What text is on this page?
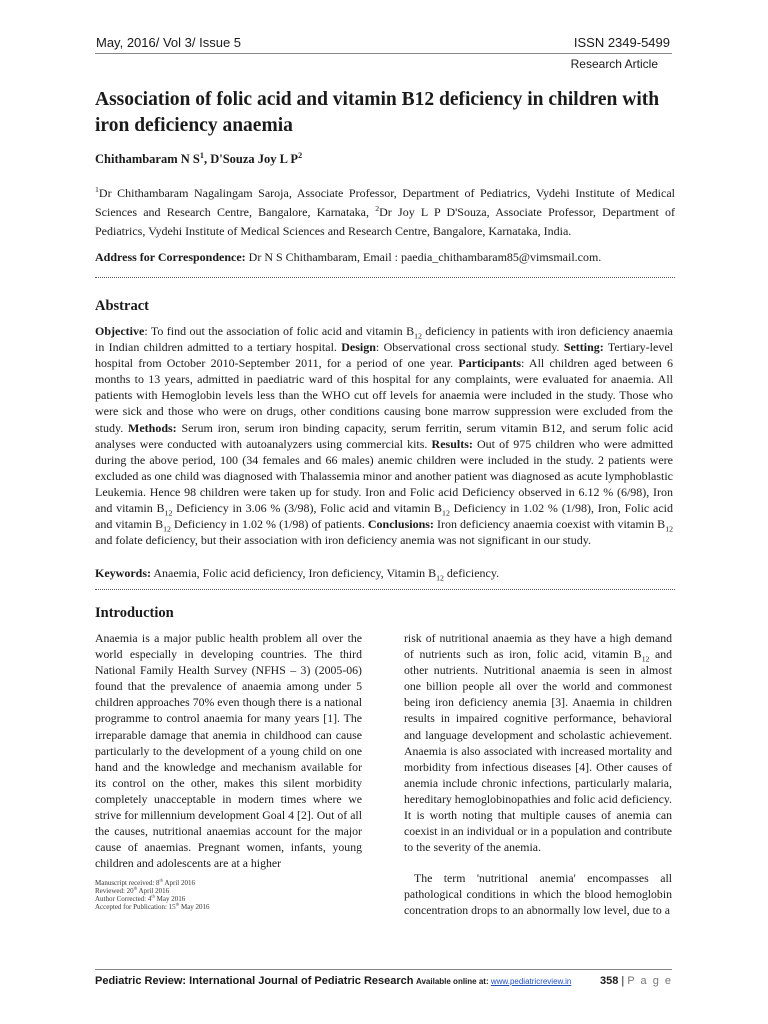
May, 2016/ Vol 3/ Issue 5	ISSN 2349-5499
Research Article
Association of folic acid and vitamin B12 deficiency in children with iron deficiency anaemia
Chithambaram N $S^1$, D'Souza Joy L $P^2$
$^1$Dr Chithambaram Nagalingam Saroja, Associate Professor, Department of Pediatrics, Vydehi Institute of Medical Sciences and Research Centre, Bangalore, Karnataka, $^2$Dr Joy L P D'Souza, Associate Professor, Department of Pediatrics, Vydehi Institute of Medical Sciences and Research Centre, Bangalore, Karnataka, India.
Address for Correspondence: Dr N S Chithambaram, Email : paedia_chithambaram85@vimsmail.com.
Abstract
Objective: To find out the association of folic acid and vitamin $B_{12}$ deficiency in patients with iron deficiency anaemia in Indian children admitted to a tertiary hospital. Design: Observational cross sectional study. Setting: Tertiary-level hospital from October 2010-September 2011, for a period of one year. Participants: All children aged between 6 months to 13 years, admitted in paediatric ward of this hospital for any complaints, were evaluated for anaemia. All patients with Hemoglobin levels less than the WHO cut off levels for anaemia were included in the study. Those who were sick and those who were on drugs, other conditions causing bone marrow suppression were excluded from the study. Methods: Serum iron, serum iron binding capacity, serum ferritin, serum vitamin B12, and serum folic acid analyses were conducted with autoanalyzers using commercial kits. Results: Out of 975 children who were admitted during the above period, 100 (34 females and 66 males) anemic children were included in the study. 2 patients were excluded as one child was diagnosed with Thalassemia minor and another patient was diagnosed as acute lymphoblastic Leukemia. Hence 98 children were taken up for study. Iron and Folic acid Deficiency observed in 6.12 % (6/98), Iron and vitamin $B_{12}$ Deficiency in 3.06 % (3/98), Folic acid and vitamin $B_{12}$ Deficiency in 1.02 % (1/98), Iron, Folic acid and vitamin $B_{12}$ Deficiency in 1.02 % (1/98) of patients. Conclusions: Iron deficiency anaemia coexist with vitamin $B_{12}$ and folate deficiency, but their association with iron deficiency anemia was not significant in our study.
Keywords: Anaemia, Folic acid deficiency, Iron deficiency, Vitamin $B_{12}$ deficiency.
Introduction
Anaemia is a major public health problem all over the world especially in developing countries. The third National Family Health Survey (NFHS – 3) (2005-06) found that the prevalence of anaemia among under 5 children approaches 70% even though there is a national programme to control anaemia for many years [1]. The irreparable damage that anemia in childhood can cause particularly to the development of a young child on one hand and the knowledge and mechanism available for its control on the other, makes this silent morbidity completely unacceptable in modern times where we strive for millennium development Goal 4 [2]. Out of all the causes, nutritional anaemias account for the major cause of anaemias. Pregnant women, infants, young children and adolescents are at a higher
risk of nutritional anaemia as they have a high demand of nutrients such as iron, folic acid, vitamin $B_{12}$ and other nutrients. Nutritional anaemia is seen in almost one billion people all over the world and commonest being iron deficiency anemia [3]. Anaemia in children results in impaired cognitive performance, behavioral and language development and scholastic achievement. Anaemia is also associated with increased mortality and morbidity from infectious diseases [4]. Other causes of anemia include chronic infections, particularly malaria, hereditary hemoglobinopathies and folic acid deficiency. It is worth noting that multiple causes of anemia can coexist in an individual or in a population and contribute to the severity of the anemia.
The term 'nutritional anemia' encompasses all pathological conditions in which the blood hemoglobin concentration drops to an abnormally low level, due to a
Manuscript received: 8th April 2016
Reviewed: 20th April 2016
Author Corrected: 4th May 2016
Accepted for Publication: 15th May 2016
Pediatric Review: International Journal of Pediatric Research Available online at: www.pediatricreview.in	358 | P a g e
